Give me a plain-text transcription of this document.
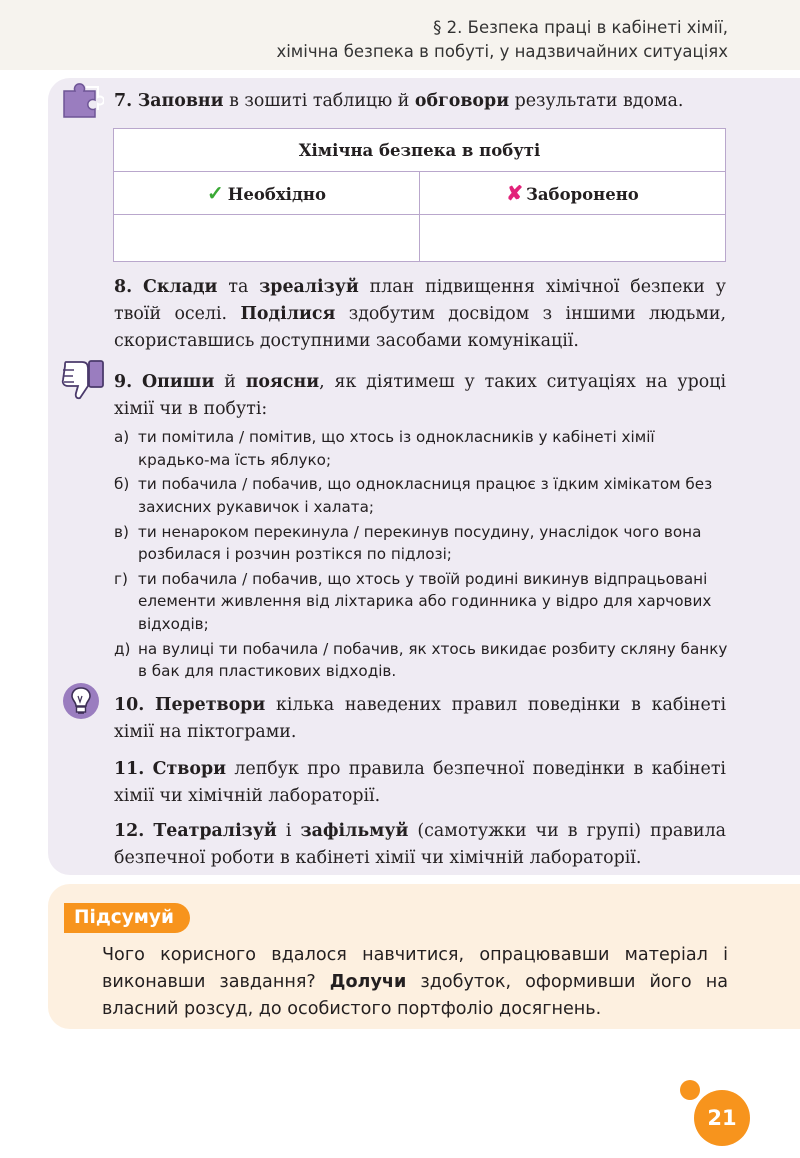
§ 2. Безпека праці в кабінеті хімії,
хімічна безпека в побуті, у надзвичайних ситуаціях
7. Заповни в зошиті таблицю й обговори результати вдома.
Хімічна безпека в побуті	
✓ Необхідно	✘ Заборонено

8. Склади та зреалізуй план підвищення хімічної безпеки у твоїй оселі. Поділися здобутим досвідом з іншими людьми, скориставшись доступними засобами комунікації.
9. Опиши й поясни, як діятимеш у таких ситуаціях на уроці хімії чи в побуті:
а) ти помітила / помітив, що хтось із однокласників у кабінеті хімії крадько-ма їсть яблуко;
б) ти побачила / побачив, що однокласниця працює з їдким хімікатом без захисних рукавичок і халата;
в) ти ненароком перекинула / перекинув посудину, унаслідок чого вона розбилася і розчин розтікся по підлозі;
г) ти побачила / побачив, що хтось у твоїй родині викинув відпрацьовані елементи живлення від ліхтарика або годинника у відро для харчових відходів;
д) на вулиці ти побачила / побачив, як хтось викидає розбиту скляну банку в бак для пластикових відходів.
10. Перетвори кілька наведених правил поведінки в кабінеті хімії на піктограми.
11. Створи лепбук про правила безпечної поведінки в кабінеті хімії чи хімічній лабораторії.
12. Театралізуй і зафільмуй (самотужки чи в групі) правила безпечної роботи в кабінеті хімії чи хімічній лабораторії.
Підсумуй
Чого корисного вдалося навчитися, опрацювавши матеріал і виконавши завдання? Долучи здобуток, оформивши його на власний розсуд, до особистого портфоліо досягнень.
21
